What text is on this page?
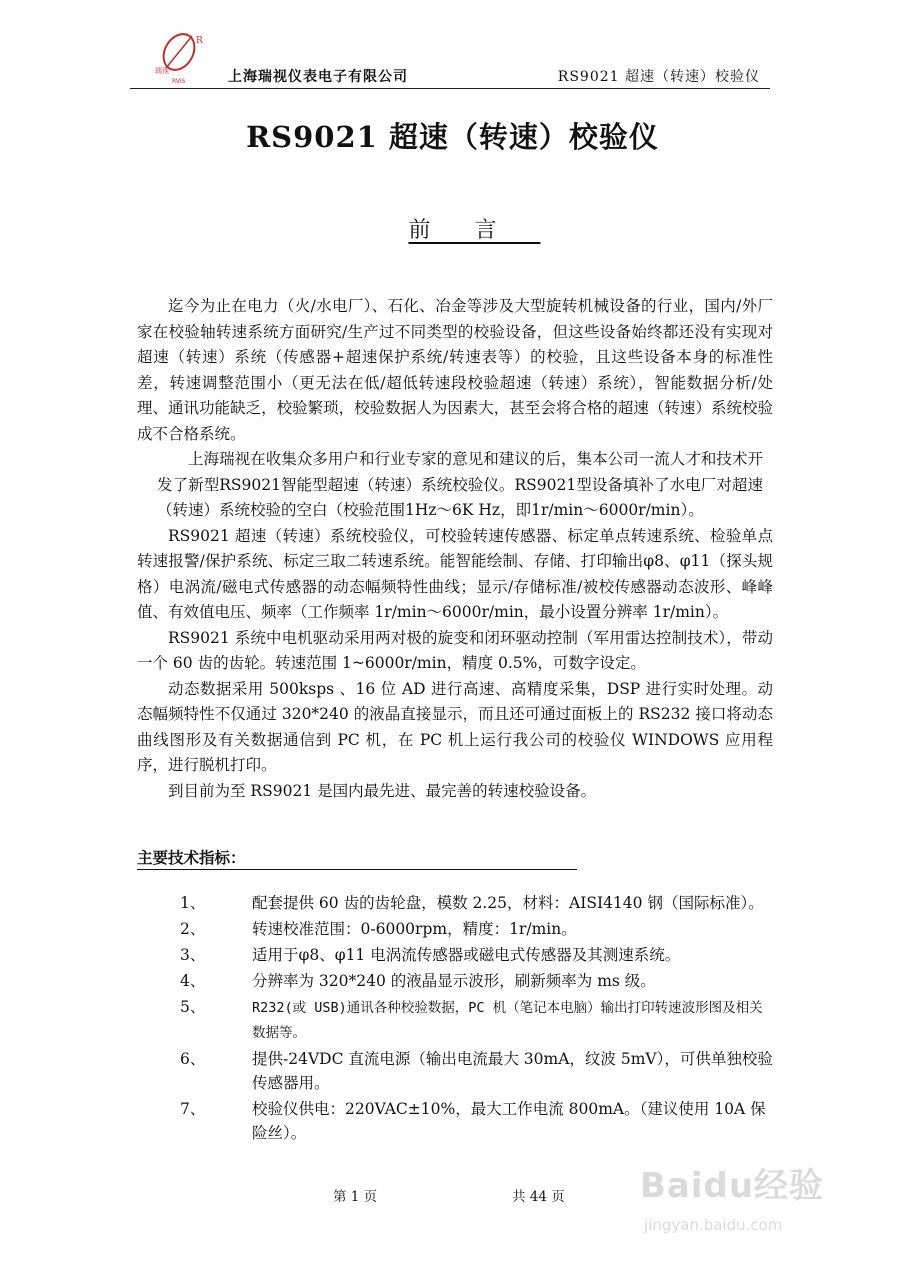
R
瑞视
RViS	上海瑞视仪表电子有限公司	RS9021 超速（转速）校验仪
RS9021 超速（转速）校验仪
前言

迄今为止在电力（火/水电厂）、石化、冶金等涉及大型旋转机械设备的行业，国内/外厂家在校验轴转速系统方面研究/生产过不同类型的校验设备，但这些设备始终都还没有实现对超速（转速）系统（传感器+超速保护系统/转速表等）的校验，且这些设备本身的标准性差，转速调整范围小（更无法在低/超低转速段校验超速（转速）系统），智能数据分析/处理、通讯功能缺乏，校验繁琐，校验数据人为因素大，甚至会将合格的超速（转速）系统校验成不合格系统。

上海瑞视在收集众多用户和行业专家的意见和建议的后，集本公司一流人才和技术开发了新型RS9021智能型超速（转速）系统校验仪。RS9021型设备填补了水电厂对超速（转速）系统校验的空白（校验范围1Hz～6K Hz，即1r/min～6000r/min）。

RS9021 超速（转速）系统校验仪，可校验转速传感器、标定单点转速系统、检验单点转速报警/保护系统、标定三取二转速系统。能智能绘制、存储、打印输出φ8、φ11（探头规格）电涡流/磁电式传感器的动态幅频特性曲线；显示/存储标准/被校传感器动态波形、峰峰值、有效值电压、频率（工作频率 1r/min～6000r/min，最小设置分辨率 1r/min）。

RS9021 系统中电机驱动采用两对极的旋变和闭环驱动控制（军用雷达控制技术），带动一个 60 齿的齿轮。转速范围 1~6000r/min，精度 0.5%，可数字设定。

动态数据采用 500ksps 、16 位 AD 进行高速、高精度采集，DSP 进行实时处理。动态幅频特性不仅通过 320*240 的液晶直接显示，而且还可通过面板上的 RS232 接口将动态曲线图形及有关数据通信到 PC 机，在 PC 机上运行我公司的校验仪 WINDOWS 应用程序，进行脱机打印。

到目前为至 RS9021 是国内最先进、最完善的转速校验设备。

主要技术指标：
1、	配套提供 60 齿的齿轮盘，模数 2.25，材料：AISI4140 钢（国际标准）。
2、	转速校准范围：0-6000rpm，精度：1r/min。
3、	适用于φ8、φ11 电涡流传感器或磁电式传感器及其测速系统。
4、	分辨率为 320*240 的液晶显示波形，刷新频率为 ms 级。
5、	R232(或 USB)通讯各种校验数据，PC 机（笔记本电脑）输出打印转速波形图及相关数据等。
6、	提供-24VDC 直流电源（输出电流最大 30mA，纹波 5mV），可供单独校验传感器用。
7、	校验仪供电：220VAC±10%，最大工作电流 800mA。（建议使用 10A 保险丝）。
第 1 页	共 44 页 Baidu经验
jingyan.baidu.com
